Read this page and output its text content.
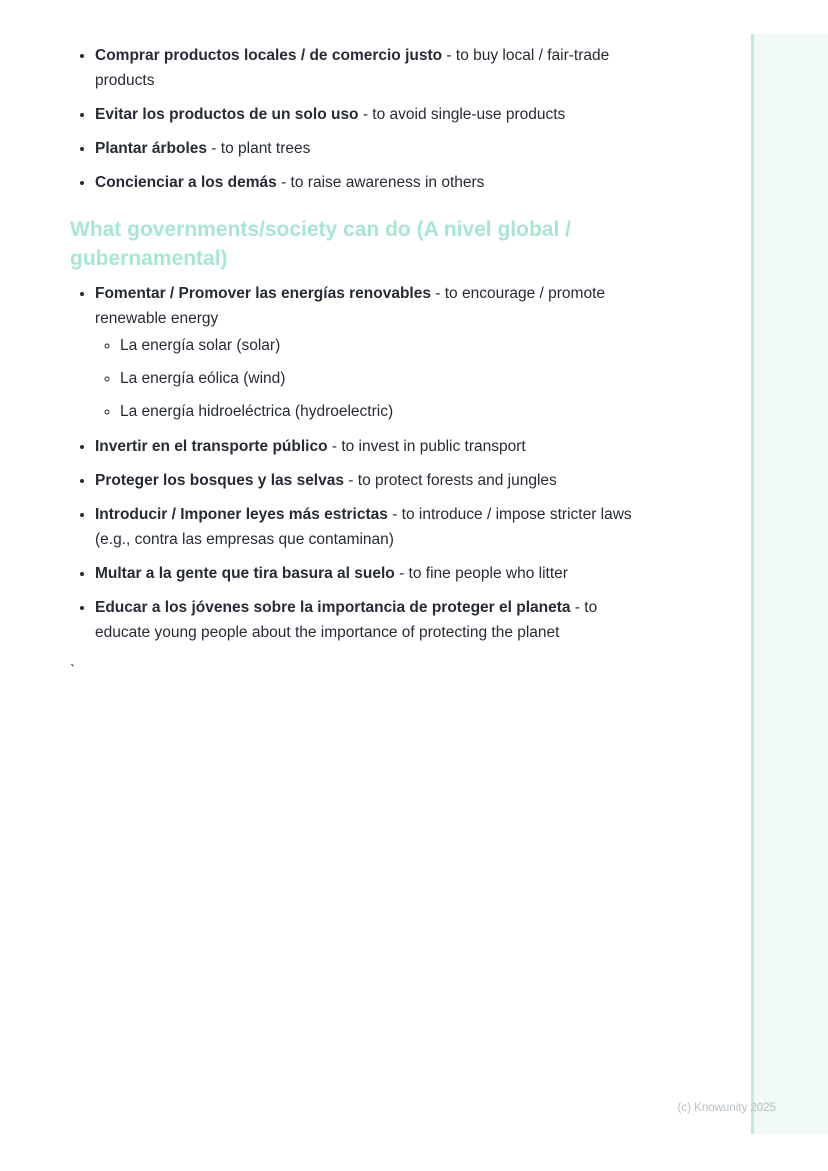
• Comprar productos locales / de comercio justo - to buy local / fair-trade products
• Evitar los productos de un solo uso - to avoid single-use products
• Plantar árboles - to plant trees
• Concienciar a los demás - to raise awareness in others
What governments/society can do (A nivel global / gubernamental)
• Fomentar / Promover las energías renovables - to encourage / promote renewable energy
◦ La energía solar (solar)
◦ La energía eólica (wind)
◦ La energía hidroeléctrica (hydroelectric)
• Invertir en el transporte público - to invest in public transport
• Proteger los bosques y las selvas - to protect forests and jungles
• Introducir / Imponer leyes más estrictas - to introduce / impose stricter laws (e.g., contra las empresas que contaminan)
• Multar a la gente que tira basura al suelo - to fine people who litter
• Educar a los jóvenes sobre la importancia de proteger el planeta - to educate young people about the importance of protecting the planet
`
(c) Knowunity 2025
